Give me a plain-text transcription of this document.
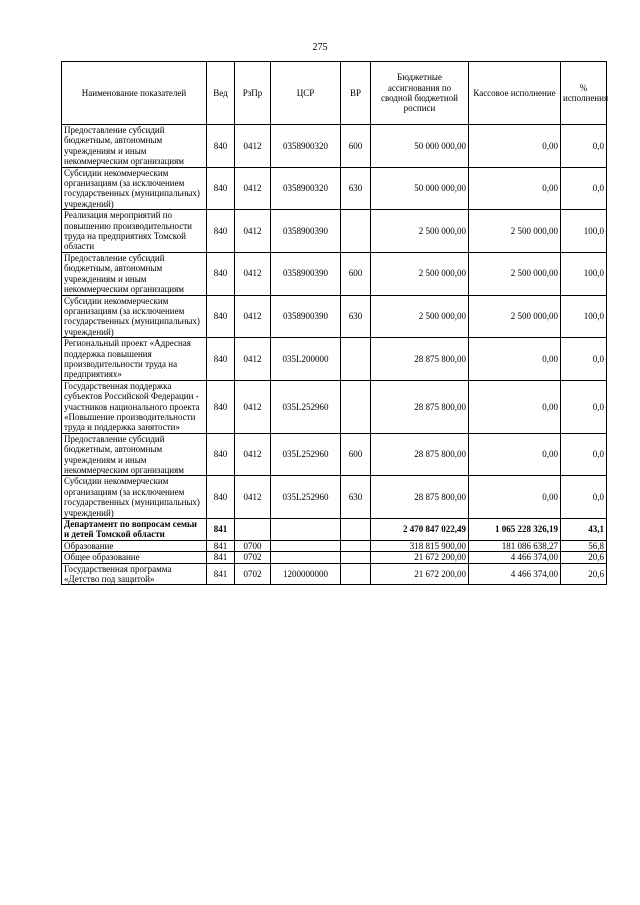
275
Наименование показателей	Вед	РзПр	ЦСР	ВР	Бюджетные ассигнования по сводной бюджетной росписи	Кассовое исполнение	% исполнения
Предоставление субсидий бюджетным, автономным учреждениям и иным некоммерческим организациям	840	0412	0358900320	600	50 000 000,00	0,00	0,0
Субсидии некоммерческим организациям (за исключением государственных (муниципальных) учреждений)	840	0412	0358900320	630	50 000 000,00	0,00	0,0
Реализация мероприятий по повышению производительности труда на предприятиях Томской области	840	0412	0358900390		2 500 000,00	2 500 000,00	100,0
Предоставление субсидий бюджетным, автономным учреждениям и иным некоммерческим организациям	840	0412	0358900390	600	2 500 000,00	2 500 000,00	100,0
Субсидии некоммерческим организациям (за исключением государственных (муниципальных) учреждений)	840	0412	0358900390	630	2 500 000,00	2 500 000,00	100,0
Региональный проект «Адресная поддержка повышения производительности труда на предприятиях»	840	0412	035L200000		28 875 800,00	0,00	0,0
Государственная поддержка субъектов Российской Федерации - участников национального проекта «Повышение производительности труда и поддержка занятости»	840	0412	035L252960		28 875 800,00	0,00	0,0
Предоставление субсидий бюджетным, автономным учреждениям и иным некоммерческим организациям	840	0412	035L252960	600	28 875 800,00	0,00	0,0
Субсидии некоммерческим организациям (за исключением государственных (муниципальных) учреждений)	840	0412	035L252960	630	28 875 800,00	0,00	0,0
Департамент по вопросам семьи и детей Томской области	841				2 470 847 022,49	1 065 228 326,19	43,1
Образование	841	0700			318 815 900,00	181 086 638,27	56,8
Общее образование	841	0702			21 672 200,00	4 466 374,00	20,6
Государственная программа «Детство под защитой»	841	0702	1200000000		21 672 200,00	4 466 374,00	20,6
